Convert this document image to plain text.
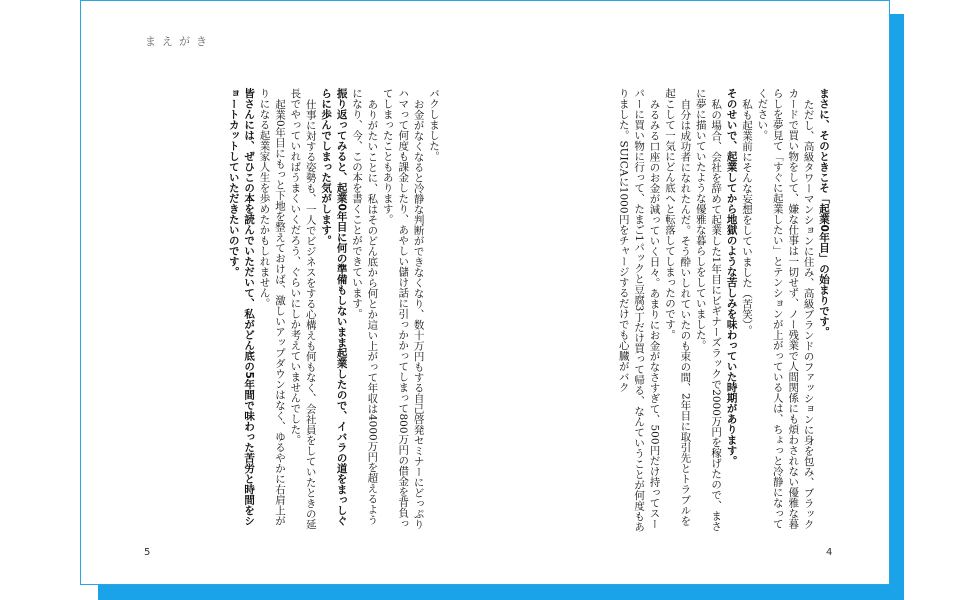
まえがき
まさに、そのときこそ「起業0年目」の始まりです。
ただし、高級タワーマンションに住み、高級ブランドのファッションに身を包み、ブラックカードで買い物をして、嫌な仕事は一切せず、ノー残業で人間関係にも煩わされない優雅な暮らしを夢見て「すぐに起業したい」とテンションが上がっている人は、ちょっと冷静になってください。
私も起業前にそんな妄想をしていました（苦笑）。
そのせいで、起業してから地獄のような苦しみを味わっていた時期があります。
私の場合、会社を辞めて起業した1年目にビギナーズラックで2000万円を稼げたので、まさに夢に描いていたような優雅な暮らしをしていました。
自分は成功者になれたんだ。そう酔いしれていたのも束の間、2年目に取引先とトラブルを起こして一気にどん底へと転落してしまったのです。
みるみる口座のお金が減っていく日々。あまりにお金がなさすぎて、500円だけ持ってスーパーに買い物に行って、たまご1パックと豆腐3丁だけ買って帰る、なんていうことが何度もありました。SUICAに1000円をチャージするだけでも心臓がバク
バクしました。
お金がなくなると冷静な判断ができなくなり、数十万円もする自己啓発セミナーにどっぷりハマって何度も課金したり、あやしい儲け話に引っかかってしまって800万円の借金を背負ってしまったこともあります。
ありがたいことに、私はそのどん底から何とか這い上がって年収は4000万円を超えるようになり、今、この本を書くことができています。
振り返ってみると、起業0年目に何の準備もしないまま起業したので、イバラの道をまっしぐらに歩んでしまった気がします。
仕事に対する姿勢も、一人でビジネスをする心構えも何もなく、会社員をしていたときの延長でやっていればうまくいくだろう、ぐらいにしか考えていませんでした。
起業0年目にもっと下地を整えておけば、激しいアップダウンはなく、ゆるやかに右肩上がりになる起業家人生を歩めたかもしれません。
皆さんには、ぜひこの本を読んでいただいて、私がどん底の5年間で味わった苦労と時間をショートカットしていただきたいのです。
5	4
